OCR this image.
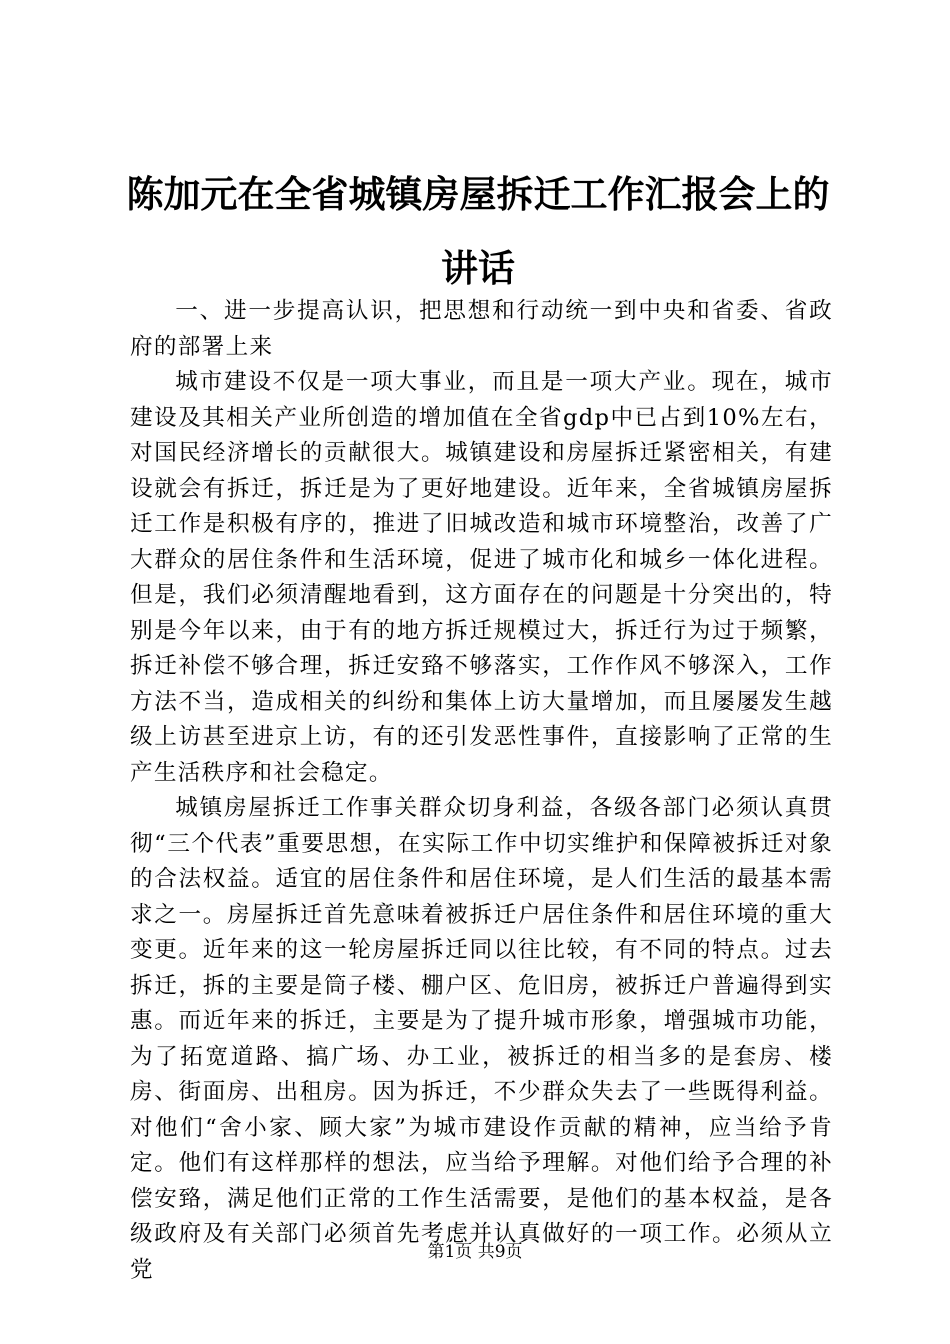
陈加元在全省城镇房屋拆迁工作汇报会上的讲话

一、进一步提高认识，把思想和行动统一到中央和省委、省政府的部署上来

城市建设不仅是一项大事业，而且是一项大产业。现在，城市建设及其相关产业所创造的增加值在全省gdp中已占到10%左右，对国民经济增长的贡献很大。城镇建设和房屋拆迁紧密相关，有建设就会有拆迁，拆迁是为了更好地建设。近年来，全省城镇房屋拆迁工作是积极有序的，推进了旧城改造和城市环境整治，改善了广大群众的居住条件和生活环境，促进了城市化和城乡一体化进程。但是，我们必须清醒地看到，这方面存在的问题是十分突出的，特别是今年以来，由于有的地方拆迁规模过大，拆迁行为过于频繁，拆迁补偿不够合理，拆迁安臵不够落实，工作作风不够深入，工作方法不当，造成相关的纠纷和集体上访大量增加，而且屡屡发生越级上访甚至进京上访，有的还引发恶性事件，直接影响了正常的生产生活秩序和社会稳定。

城镇房屋拆迁工作事关群众切身利益，各级各部门必须认真贯彻“三个代表”重要思想，在实际工作中切实维护和保障被拆迁对象的合法权益。适宜的居住条件和居住环境，是人们生活的最基本需求之一。房屋拆迁首先意味着被拆迁户居住条件和居住环境的重大变更。近年来的这一轮房屋拆迁同以往比较，有不同的特点。过去拆迁，拆的主要是筒子楼、棚户区、危旧房，被拆迁户普遍得到实惠。而近年来的拆迁，主要是为了提升城市形象，增强城市功能，为了拓宽道路、搞广场、办工业，被拆迁的相当多的是套房、楼房、街面房、出租房。因为拆迁，不少群众失去了一些既得利益。对他们“舍小家、顾大家”为城市建设作贡献的精神，应当给予肯定。他们有这样那样的想法，应当给予理解。对他们给予合理的补偿安臵，满足他们正常的工作生活需要，是他们的基本权益，是各级政府及有关部门必须首先考虑并认真做好的一项工作。必须从立党

第1页 共9页
